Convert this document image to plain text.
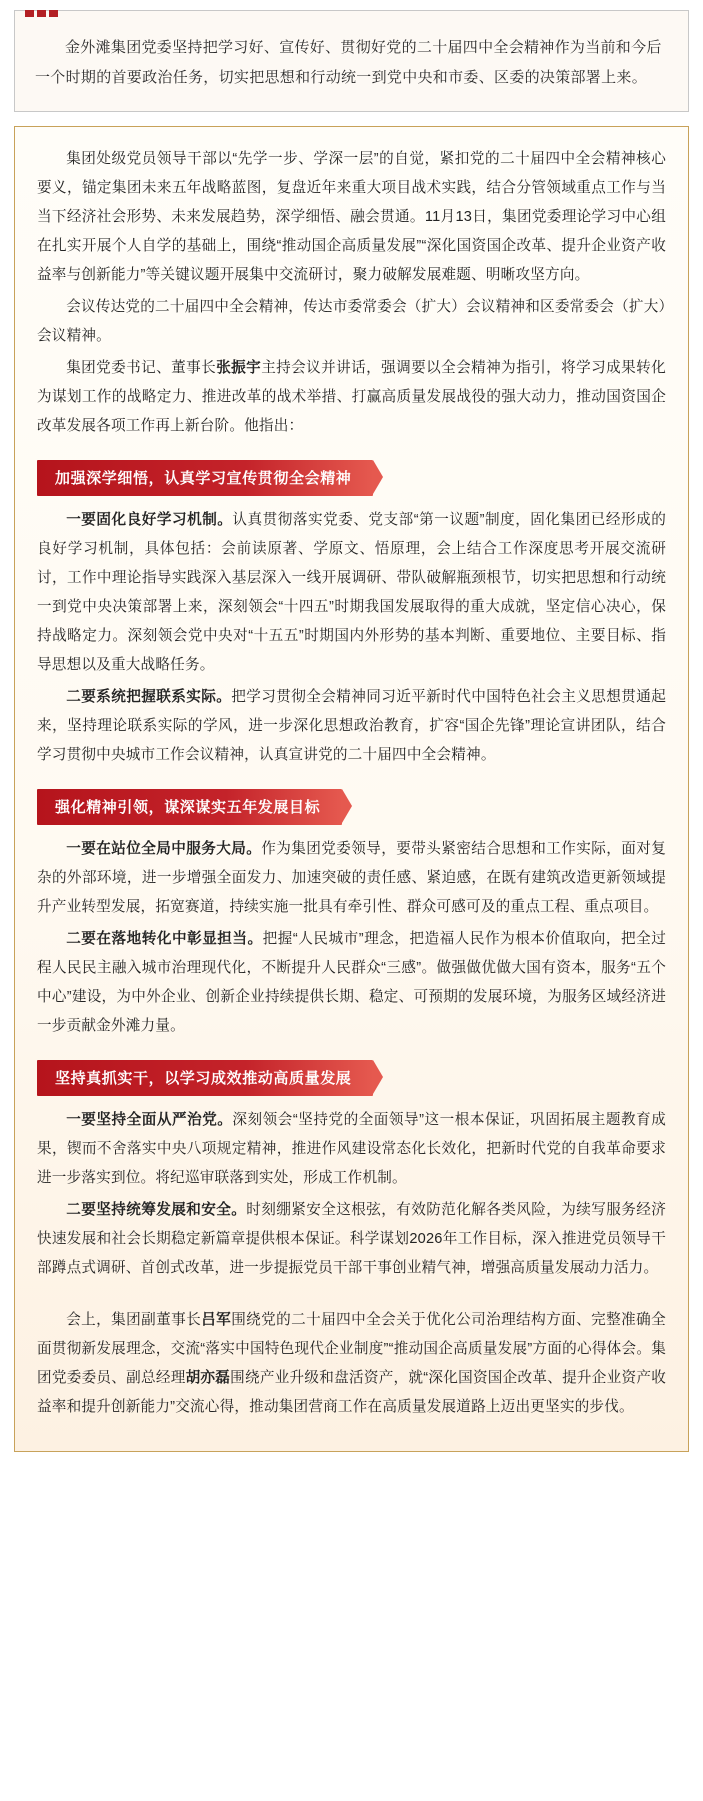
金外滩集团党委坚持把学习好、宣传好、贯彻好党的二十届四中全会精神作为当前和今后一个时期的首要政治任务，切实把思想和行动统一到党中央和市委、区委的决策部署上来。

集团处级党员领导干部以“先学一步、学深一层”的自觉，紧扣党的二十届四中全会精神核心要义，锚定集团未来五年战略蓝图，复盘近年来重大项目战术实践，结合分管领域重点工作与当当下经济社会形势、未来发展趋势，深学细悟、融会贯通。11月13日，集团党委理论学习中心组在扎实开展个人自学的基础上，围绕“推动国企高质量发展”“深化国资国企改革、提升企业资产收益率与创新能力”等关键议题开展集中交流研讨，聚力破解发展难题、明晰攻坚方向。

会议传达党的二十届四中全会精神，传达市委常委会（扩大）会议精神和区委常委会（扩大）会议精神。

集团党委书记、董事长张振宇主持会议并讲话，强调要以全会精神为指引，将学习成果转化为谋划工作的战略定力、推进改革的战术举措、打赢高质量发展战役的强大动力，推动国资国企改革发展各项工作再上新台阶。他指出：

加强深学细悟，认真学习宣传贯彻全会精神

一要固化良好学习机制。认真贯彻落实党委、党支部“第一议题”制度，固化集团已经形成的良好学习机制，具体包括：会前读原著、学原文、悟原理，会上结合工作深度思考开展交流研讨，工作中理论指导实践深入基层深入一线开展调研、带队破解瓶颈根节，切实把思想和行动统一到党中央决策部署上来，深刻领会“十四五”时期我国发展取得的重大成就，坚定信心决心，保持战略定力。深刻领会党中央对“十五五”时期国内外形势的基本判断、重要地位、主要目标、指导思想以及重大战略任务。

二要系统把握联系实际。把学习贯彻全会精神同习近平新时代中国特色社会主义思想贯通起来，坚持理论联系实际的学风，进一步深化思想政治教育，扩容“国企先锋”理论宣讲团队，结合学习贯彻中央城市工作会议精神，认真宣讲党的二十届四中全会精神。

强化精神引领，谋深谋实五年发展目标

一要在站位全局中服务大局。作为集团党委领导，要带头紧密结合思想和工作实际，面对复杂的外部环境，进一步增强全面发力、加速突破的责任感、紧迫感，在既有建筑改造更新领域提升产业转型发展，拓宽赛道，持续实施一批具有牵引性、群众可感可及的重点工程、重点项目。

二要在落地转化中彰显担当。把握“人民城市”理念，把造福人民作为根本价值取向，把全过程人民民主融入城市治理现代化，不断提升人民群众“三感”。做强做优做大国有资本，服务“五个中心”建设，为中外企业、创新企业持续提供长期、稳定、可预期的发展环境，为服务区域经济进一步贡献金外滩力量。

坚持真抓实干，以学习成效推动高质量发展

一要坚持全面从严治党。深刻领会“坚持党的全面领导”这一根本保证，巩固拓展主题教育成果，锲而不舍落实中央八项规定精神，推进作风建设常态化长效化，把新时代党的自我革命要求进一步落实到位。将纪巡审联落到实处，形成工作机制。

二要坚持统筹发展和安全。时刻绷紧安全这根弦，有效防范化解各类风险，为续写服务经济快速发展和社会长期稳定新篇章提供根本保证。科学谋划2026年工作目标，深入推进党员领导干部蹲点式调研、首创式改革，进一步提振党员干部干事创业精气神，增强高质量发展动力活力。

会上，集团副董事长吕军围绕党的二十届四中全会关于优化公司治理结构方面、完整准确全面贯彻新发展理念，交流“落实中国特色现代企业制度”“推动国企高质量发展”方面的心得体会。集团党委委员、副总经理胡亦磊围绕产业升级和盘活资产，就“深化国资国企改革、提升企业资产收益率和提升创新能力”交流心得，推动集团营商工作在高质量发展道路上迈出更坚实的步伐。
